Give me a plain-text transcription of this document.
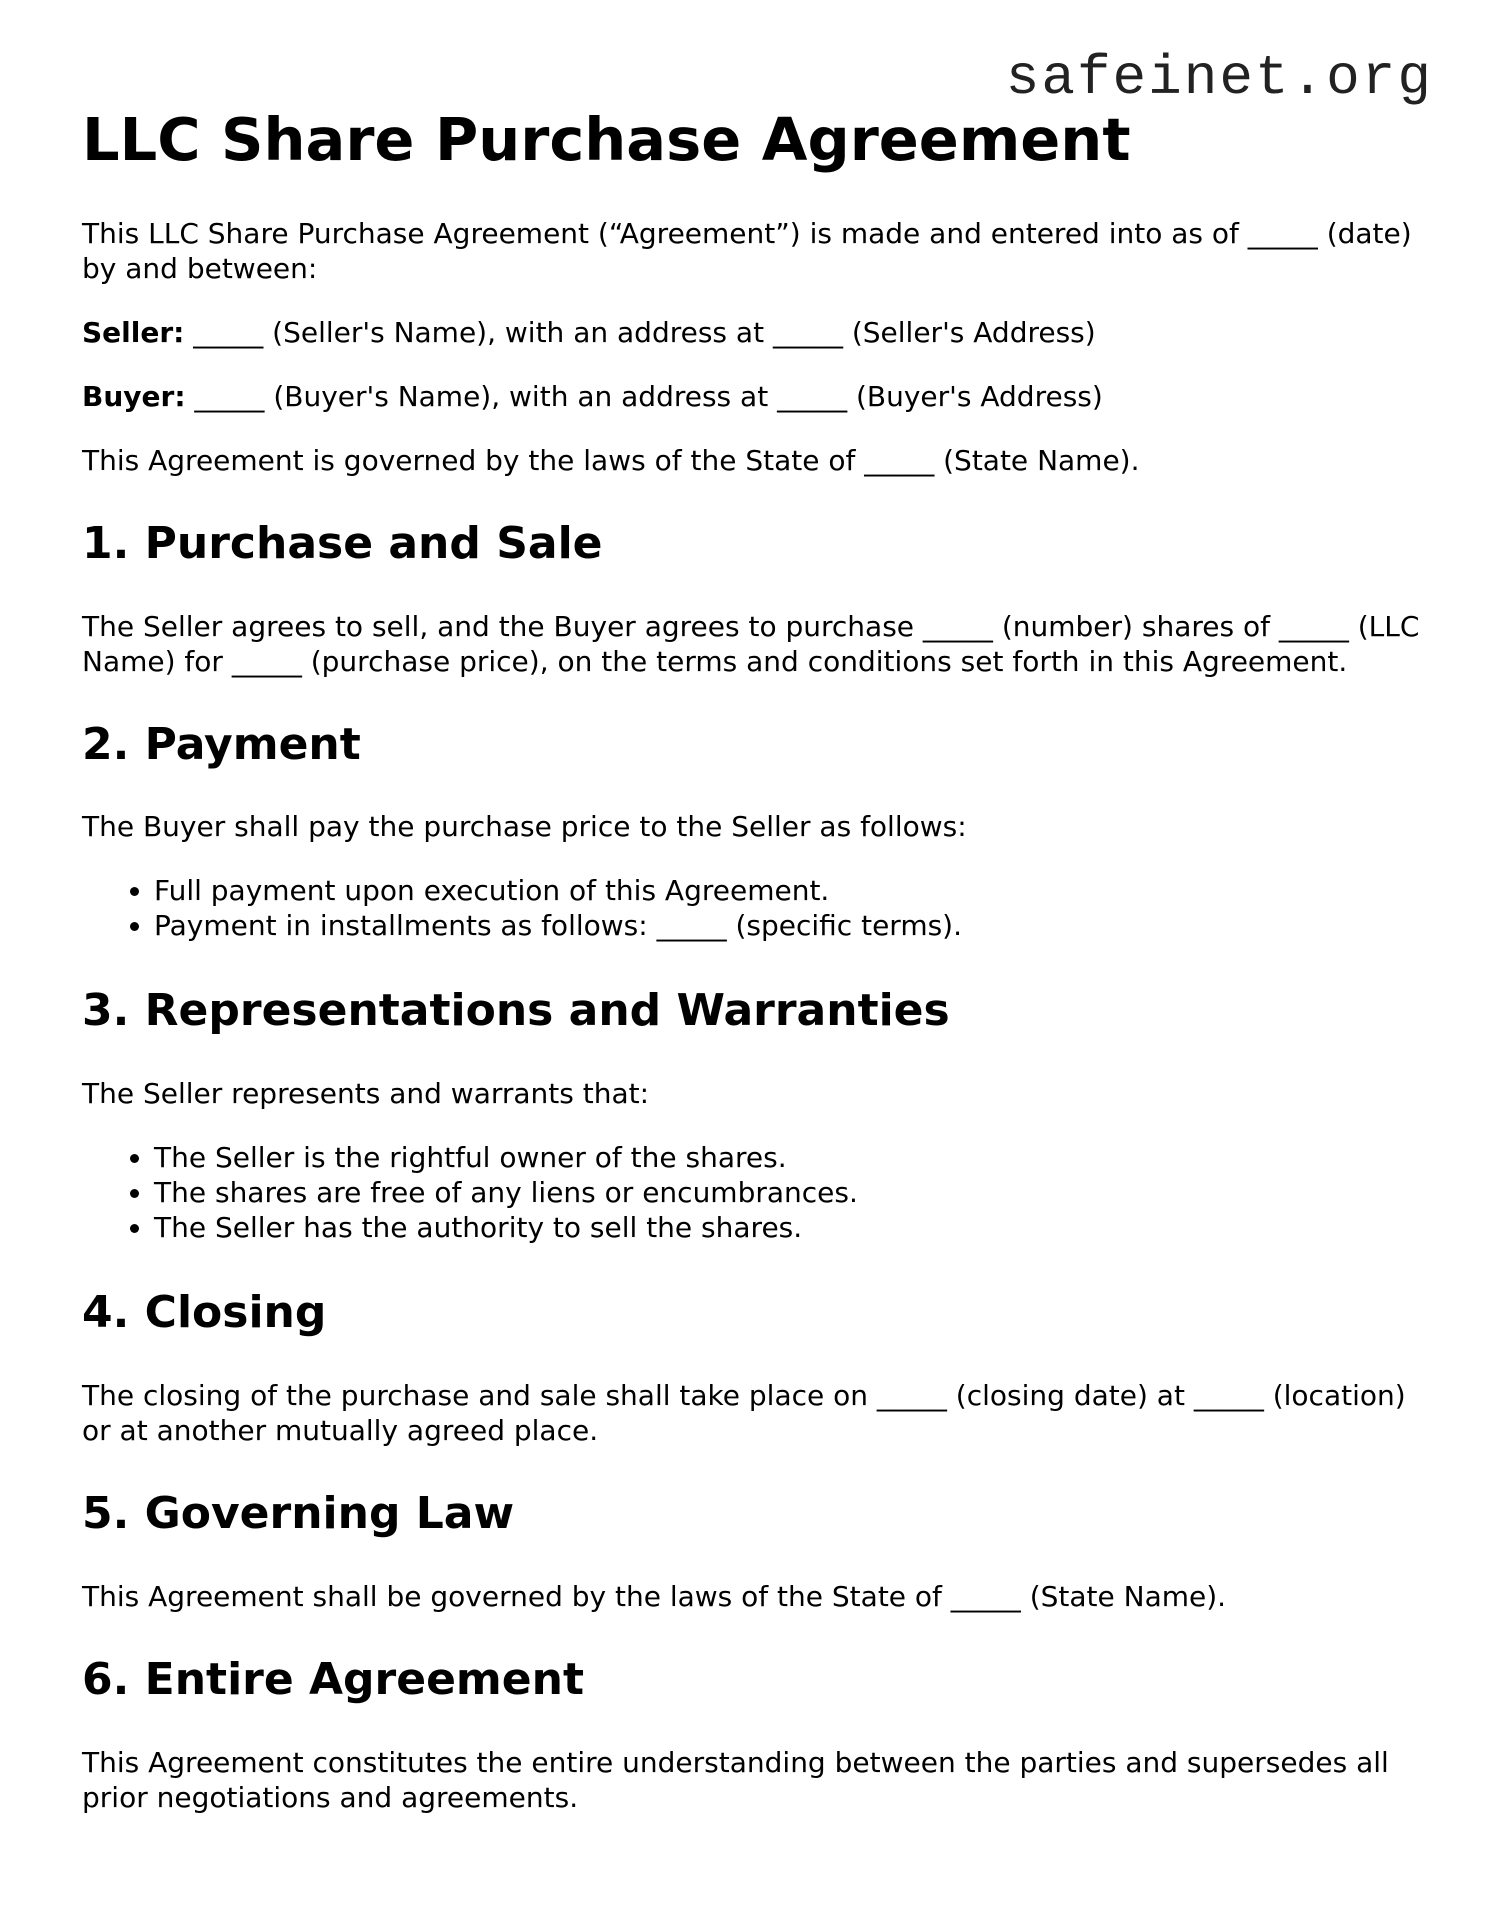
safeinet.org
LLC Share Purchase Agreement

This LLC Share Purchase Agreement (“Agreement”) is made and entered into as of _____ (date) by and between:

Seller: _____ (Seller's Name), with an address at _____ (Seller's Address)

Buyer: _____ (Buyer's Name), with an address at _____ (Buyer's Address)

This Agreement is governed by the laws of the State of _____ (State Name).

1. Purchase and Sale

The Seller agrees to sell, and the Buyer agrees to purchase _____ (number) shares of _____ (LLC Name) for _____ (purchase price), on the terms and conditions set forth in this Agreement.

2. Payment

The Buyer shall pay the purchase price to the Seller as follows:

• Full payment upon execution of this Agreement.
• Payment in installments as follows: _____ (specific terms).
3. Representations and Warranties

The Seller represents and warrants that:

• The Seller is the rightful owner of the shares.
• The shares are free of any liens or encumbrances.
• The Seller has the authority to sell the shares.
4. Closing

The closing of the purchase and sale shall take place on _____ (closing date) at _____ (location) or at another mutually agreed place.

5. Governing Law

This Agreement shall be governed by the laws of the State of _____ (State Name).

6. Entire Agreement

This Agreement constitutes the entire understanding between the parties and supersedes all prior negotiations and agreements.
